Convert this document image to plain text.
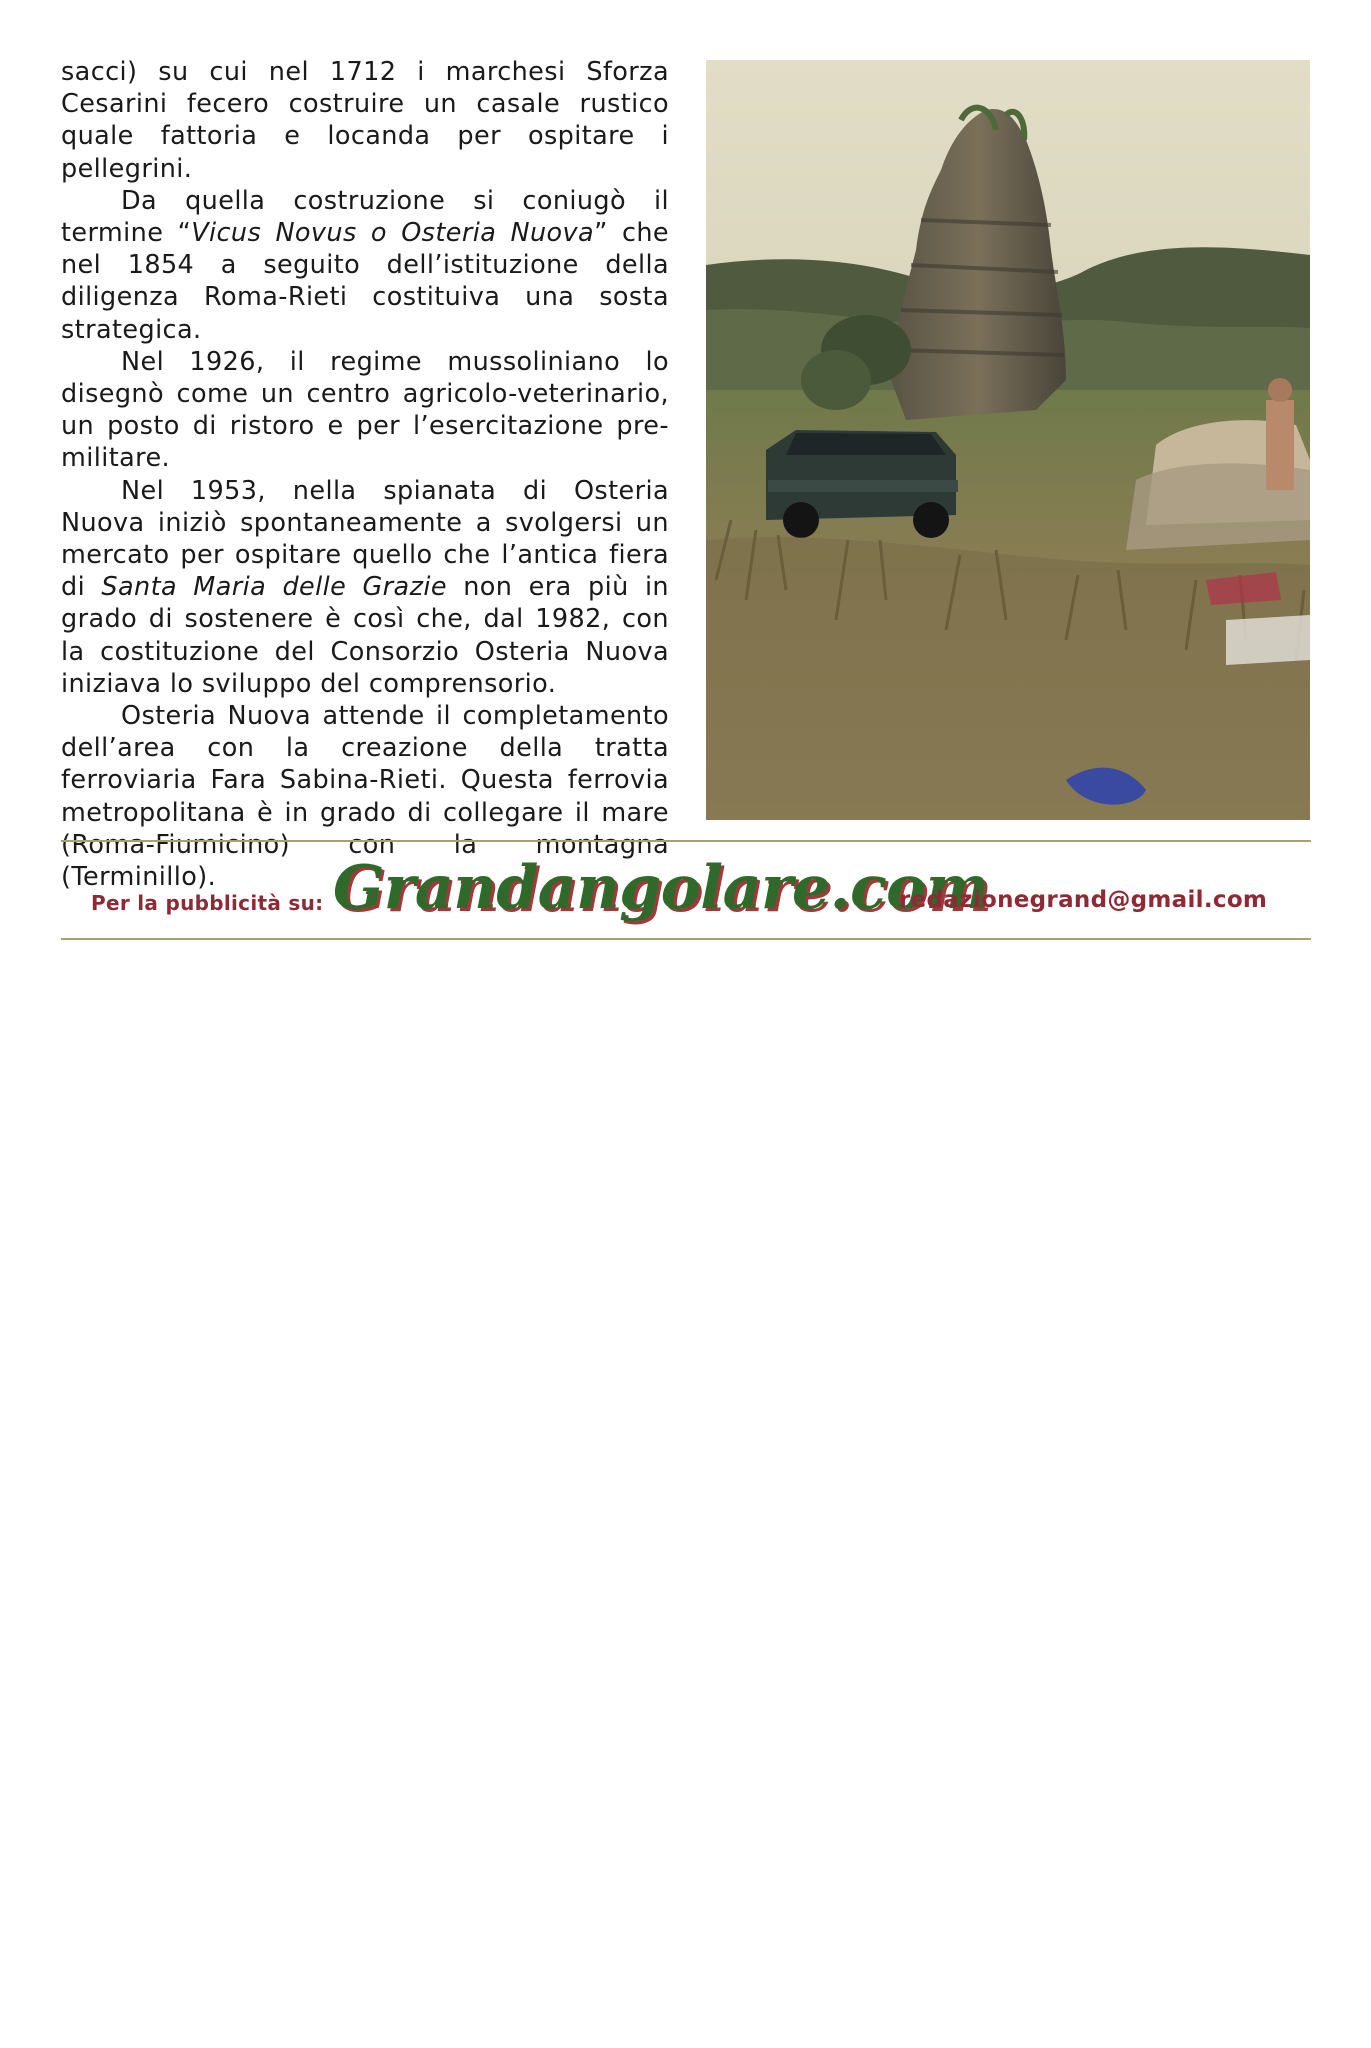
sacci) su cui nel 1712 i marchesi Sforza Cesarini fecero costruire un casale rustico quale fattoria e locanda per ospitare i pellegrini.

Da quella costruzione si coniugò il termine “Vicus Novus o Osteria Nuova” che nel 1854 a seguito dell’istituzione della diligenza Roma-Rieti costituiva una sosta strategica.

Nel 1926, il regime mussoliniano lo disegnò come un centro agricolo-veterinario, un posto di ristoro e per l’esercitazione pre-militare.

Nel 1953, nella spianata di Osteria Nuova iniziò spontaneamente a svolgersi un mercato per ospitare quello che l’antica fiera di Santa Maria delle Grazie non era più in grado di sostenere è così che, dal 1982, con la costituzione del Consorzio Osteria Nuova iniziava lo sviluppo del comprensorio.

Osteria Nuova attende il completamento dell’area con la creazione della tratta ferroviaria Fara Sabina-Rieti. Questa ferrovia metropolitana è in grado di collegare il mare (Roma-Fiumicino) con la montagna (Terminillo).

Per la pubblicità su: Grandangolare.com
redazionegrand@gmail.com
